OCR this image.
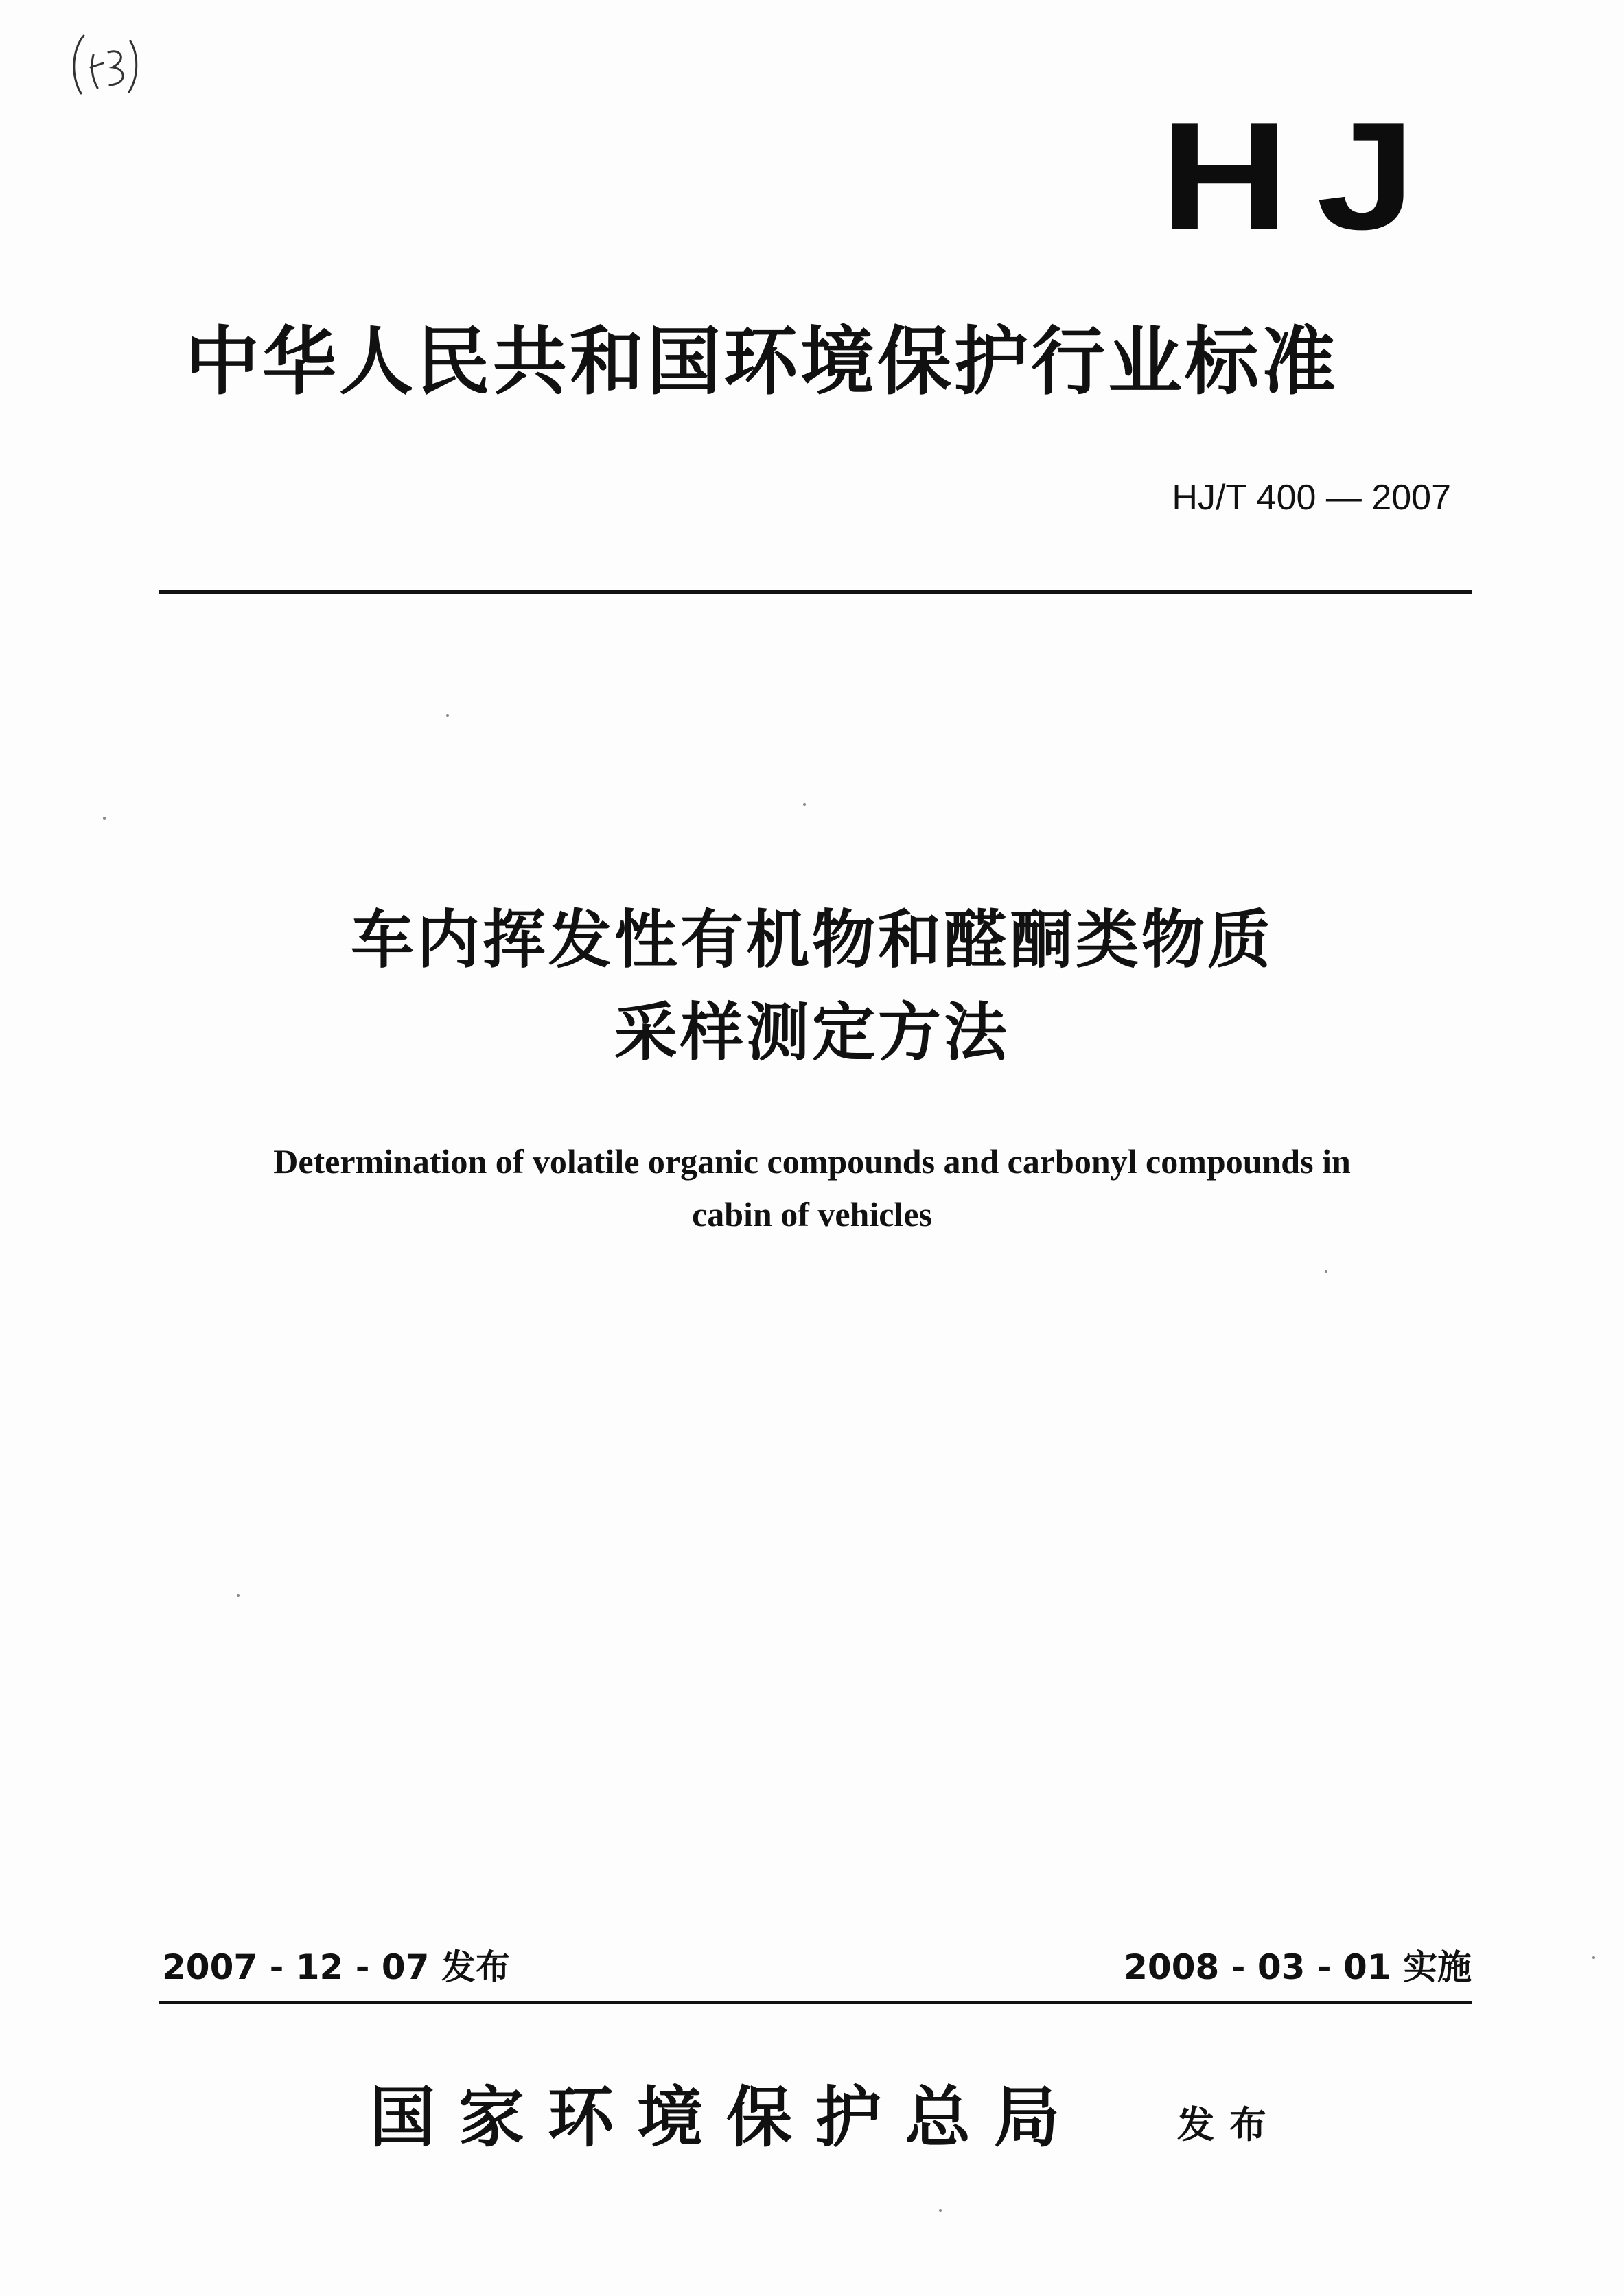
HJ
中华人民共和国环境保护行业标准
HJ/T 400 — 2007
车内挥发性有机物和醛酮类物质
采样测定方法
Determination of volatile organic compounds and carbonyl compounds in
cabin of vehicles
2007 - 12 - 07 发布	2008 - 03 - 01 实施
国家环境保护总局	发布
